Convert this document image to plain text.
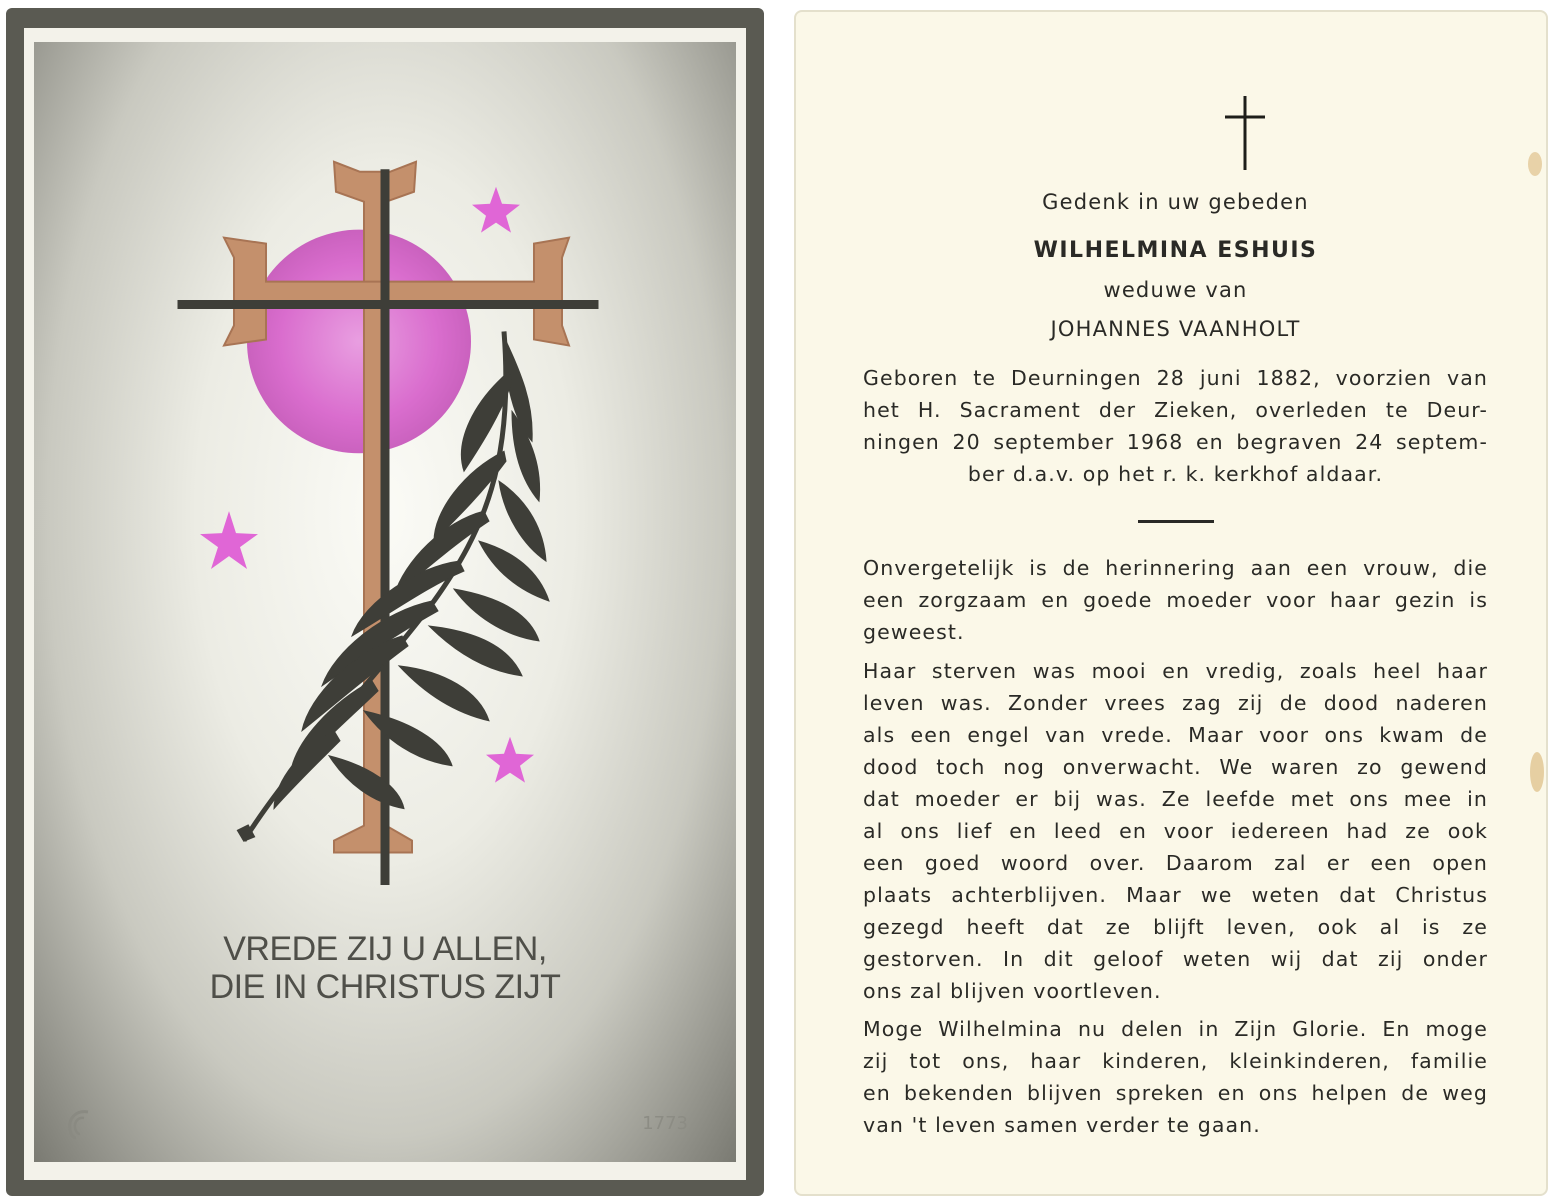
VREDE ZIJ U ALLEN,
DIE IN CHRISTUS ZIJT
1773
Gedenk in uw gebeden
WILHELMINA ESHUIS
weduwe van
JOHANNES VAANHOLT
Geboren te Deurningen 28 juni 1882, voorzien van
het H. Sacrament der Zieken, overleden te Deur-
ningen 20 september 1968 en begraven 24 septem-
ber d.a.v. op het r. k. kerkhof aldaar.
Onvergetelijk is de herinnering aan een vrouw, die
een zorgzaam en goede moeder voor haar gezin is
geweest.
Haar sterven was mooi en vredig, zoals heel haar
leven was. Zonder vrees zag zij de dood naderen
als een engel van vrede. Maar voor ons kwam de
dood toch nog onverwacht. We waren zo gewend
dat moeder er bij was. Ze leefde met ons mee in
al ons lief en leed en voor iedereen had ze ook
een goed woord over. Daarom zal er een open
plaats achterblijven. Maar we weten dat Christus
gezegd heeft dat ze blijft leven, ook al is ze
gestorven. In dit geloof weten wij dat zij onder
ons zal blijven voortleven.
Moge Wilhelmina nu delen in Zijn Glorie. En moge
zij tot ons, haar kinderen, kleinkinderen, familie
en bekenden blijven spreken en ons helpen de weg
van 't leven samen verder te gaan.
